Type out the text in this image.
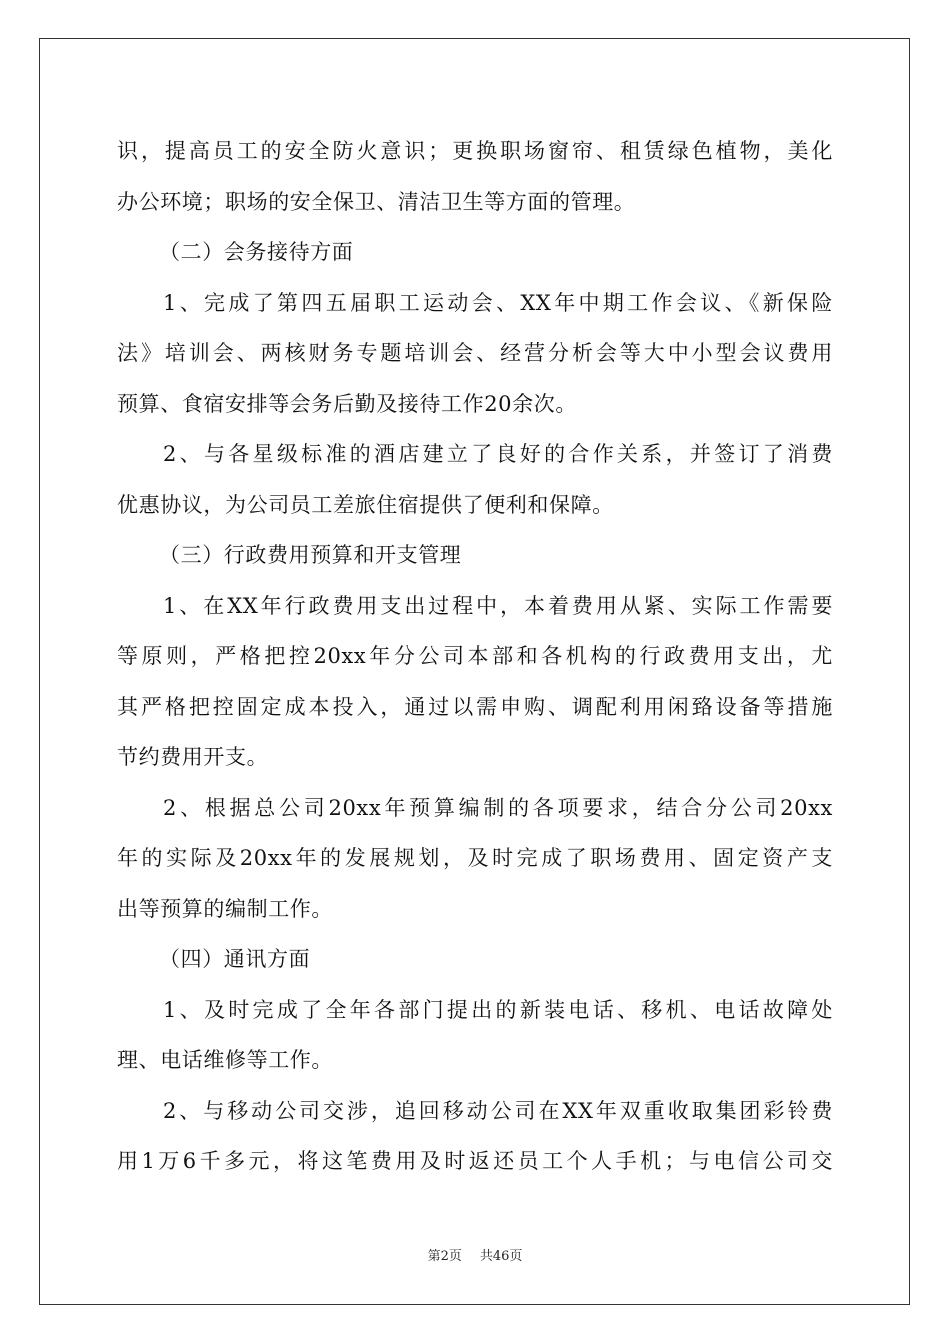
识，提高员工的安全防火意识；更换职场窗帘、租赁绿色植物，美化
办公环境；职场的安全保卫、清洁卫生等方面的管理。
（二）会务接待方面
1、完成了第四五届职工运动会、XX年中期工作会议、《新保险
法》培训会、两核财务专题培训会、经营分析会等大中小型会议费用
预算、食宿安排等会务后勤及接待工作20余次。
2、与各星级标准的酒店建立了良好的合作关系，并签订了消费
优惠协议，为公司员工差旅住宿提供了便利和保障。
（三）行政费用预算和开支管理
1、在XX年行政费用支出过程中，本着费用从紧、实际工作需要
等原则，严格把控20xx年分公司本部和各机构的行政费用支出，尤
其严格把控固定成本投入，通过以需申购、调配利用闲臵设备等措施
节约费用开支。
2、根据总公司20xx年预算编制的各项要求，结合分公司20xx
年的实际及20xx年的发展规划，及时完成了职场费用、固定资产支
出等预算的编制工作。
（四）通讯方面
1、及时完成了全年各部门提出的新装电话、移机、电话故障处
理、电话维修等工作。
2、与移动公司交涉，追回移动公司在XX年双重收取集团彩铃费
用1万6千多元，将这笔费用及时返还员工个人手机；与电信公司交
第2页 共46页
